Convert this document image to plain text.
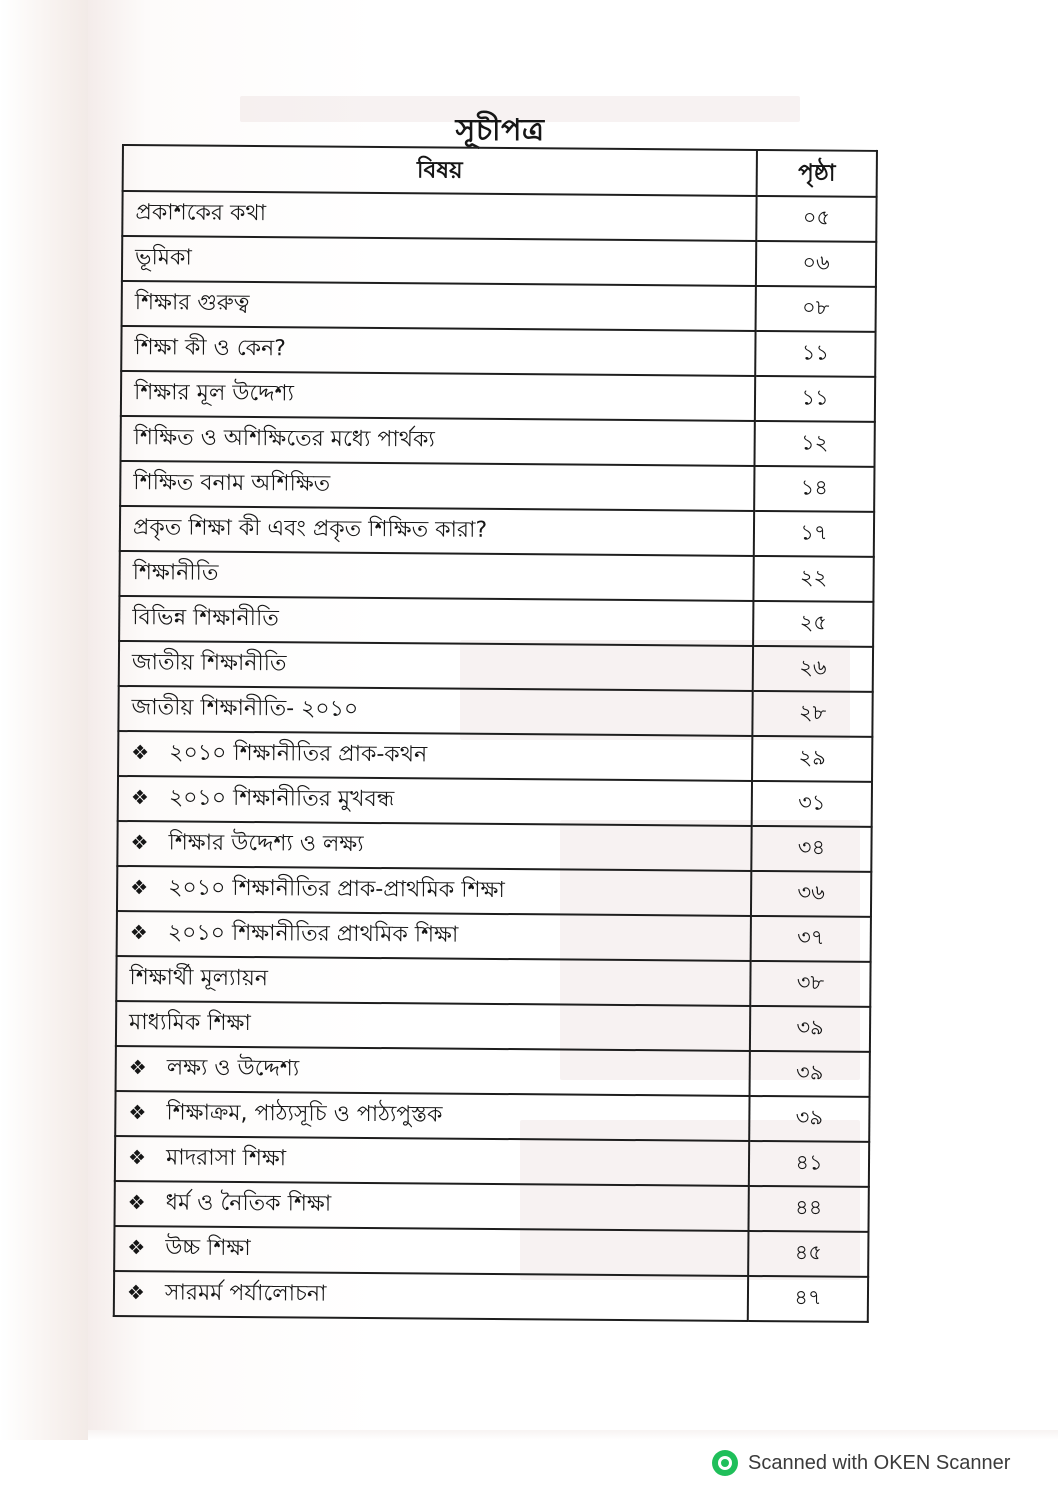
সূচীপত্র
বিষয়	পৃষ্ঠা
প্রকাশকের কথা	০৫
ভূমিকা	০৬
শিক্ষার গুরুত্ব	০৮
শিক্ষা কী ও কেন?	১১
শিক্ষার মূল উদ্দেশ্য	১১
শিক্ষিত ও অশিক্ষিতের মধ্যে পার্থক্য	১২
শিক্ষিত বনাম অশিক্ষিত	১৪
প্রকৃত শিক্ষা কী এবং প্রকৃত শিক্ষিত কারা?	১৭
শিক্ষানীতি	২২
বিভিন্ন শিক্ষানীতি	২৫
জাতীয় শিক্ষানীতি	২৬
জাতীয় শিক্ষানীতি- ২০১০	২৮
❖ ২০১০ শিক্ষানীতির প্রাক-কথন	২৯
❖ ২০১০ শিক্ষানীতির মুখবন্ধ	৩১
❖ শিক্ষার উদ্দেশ্য ও লক্ষ্য	৩৪
❖ ২০১০ শিক্ষানীতির প্রাক-প্রাথমিক শিক্ষা	৩৬
❖ ২০১০ শিক্ষানীতির প্রাথমিক শিক্ষা	৩৭
শিক্ষার্থী মূল্যায়ন	৩৮
মাধ্যমিক শিক্ষা	৩৯
❖ লক্ষ্য ও উদ্দেশ্য	৩৯
❖ শিক্ষাক্রম, পাঠ্যসূচি ও পাঠ্যপুস্তক	৩৯
❖ মাদরাসা শিক্ষা	৪১
❖ ধর্ম ও নৈতিক শিক্ষা	৪৪
❖ উচ্চ শিক্ষা	৪৫
❖ সারমর্ম পর্যালোচনা	৪৭
Scanned with OKEN Scanner
